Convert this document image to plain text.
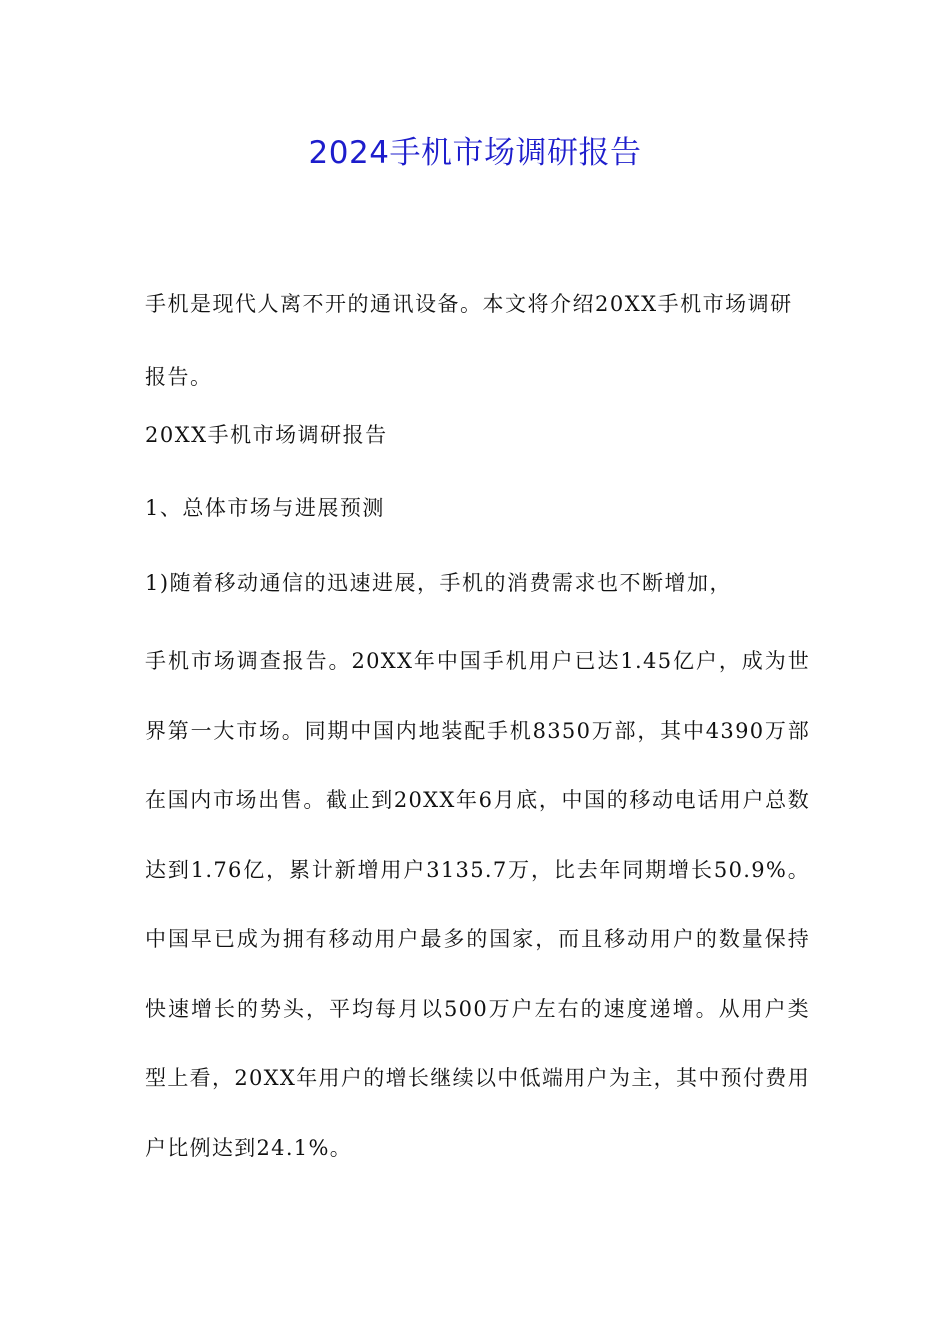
2024手机市场调研报告

手机是现代人离不开的通讯设备。本文将介绍20XX手机市场调研报告。

20XX手机市场调研报告

1、总体市场与进展预测

1)随着移动通信的迅速进展，手机的消费需求也不断增加，

手机市场调查报告。20XX年中国手机用户已达1.45亿户，成为世界第一大市场。同期中国内地装配手机8350万部，其中4390万部在国内市场出售。截止到20XX年6月底，中国的移动电话用户总数达到1.76亿，累计新增用户3135.7万，比去年同期增长50.9%。中国早已成为拥有移动用户最多的国家，而且移动用户的数量保持快速增长的势头，平均每月以500万户左右的速度递增。从用户类型上看，20XX年用户的增长继续以中低端用户为主，其中预付费用户比例达到24.1%。
